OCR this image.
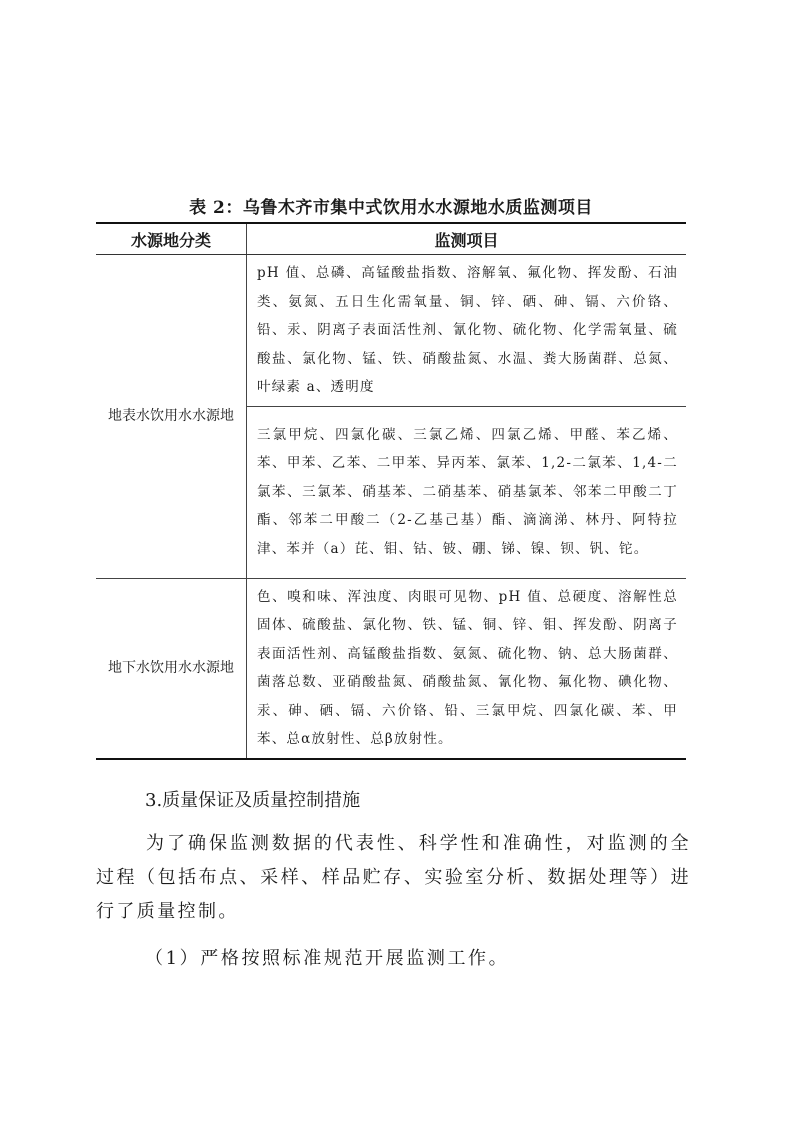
表 2：乌鲁木齐市集中式饮用水水源地水质监测项目
水源地分类	监测项目
地表水饮用水水源地	pH 值、总磷、高锰酸盐指数、溶解氧、氟化物、挥发酚、石油类、氨氮、五日生化需氧量、铜、锌、硒、砷、镉、六价铬、铅、汞、阴离子表面活性剂、氰化物、硫化物、化学需氧量、硫酸盐、氯化物、锰、铁、硝酸盐氮、水温、粪大肠菌群、总氮、叶绿素 a、透明度
	三氯甲烷、四氯化碳、三氯乙烯、四氯乙烯、甲醛、苯乙烯、苯、甲苯、乙苯、二甲苯、异丙苯、氯苯、1,2-二氯苯、1,4-二氯苯、三氯苯、硝基苯、二硝基苯、硝基氯苯、邻苯二甲酸二丁酯、邻苯二甲酸二（2-乙基己基）酯、滴滴涕、林丹、阿特拉津、苯并（a）芘、钼、钴、铍、硼、锑、镍、钡、钒、铊。
地下水饮用水水源地	色、嗅和味、浑浊度、肉眼可见物、pH 值、总硬度、溶解性总固体、硫酸盐、氯化物、铁、锰、铜、锌、钼、挥发酚、阴离子表面活性剂、高锰酸盐指数、氨氮、硫化物、钠、总大肠菌群、菌落总数、亚硝酸盐氮、硝酸盐氮、氰化物、氟化物、碘化物、汞、砷、硒、镉、六价铬、铅、三氯甲烷、四氯化碳、苯、甲苯、总α放射性、总β放射性。
3.质量保证及质量控制措施
为了确保监测数据的代表性、科学性和准确性，对监测的全过程（包括布点、采样、样品贮存、实验室分析、数据处理等）进行了质量控制。
（1）严格按照标准规范开展监测工作。
